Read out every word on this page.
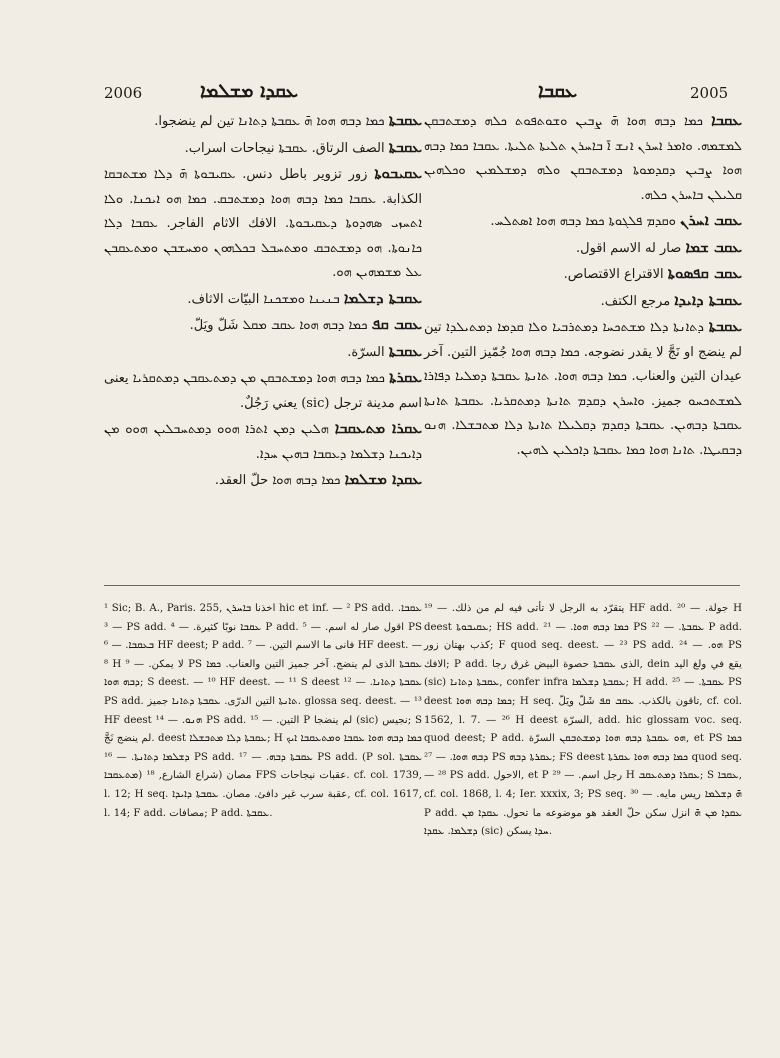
2006	ܥܩܕܐ ܡܫܠܡܐ	ܥܩܒܐ	2005

ܥܩܒܬܐ ܟܡܐ ܕܒܗ ܗܘܐ ܗ̄ ܥܩܒܬܐ ܕܬܐܢܐ تين لم ينضجوا.

ܥܩܒܬܐ الصف الرتاق. ܥܩܒܬܐ نيجاحات اسراب.

ܥܩܝܒܘܬܐ زور تزوير باطل دنس. ܥܩܝܒܘܬܐ ܗ̄ ܕܠܐ ܡܫܬܒܩܐ الكذابة. ܥܩܒܐ ܟܡܐ ܕܒܗ ܗܘܐ ܕܡܫܬܒܩ. ܟܡܐ ܗܘ ܐܝܟܢܐ. ܘܠܐ ܐܬܚܙܝ ܣܗܕܘܬܐ ܕܥܩܝܒܘܬܐ. الافك الاثام الفاجر. ܥܩܒܐ ܕܠܐ ܟܐܢܘܬܐ. ܗܘ ܕܡܫܬܒܩ ܘܡܬܚܒܠ ܒܟܠܗܘܢ ܘܡܚܫܒܢ ܘܡܬܥܩܒܢ ܥܠ ܡܫܡܗܝܢ ܗܘ.

ܥܩܒܬܐ ܕܫܠܡܐ ܒܢܝܢܐ ܘܡܫܟܢܐ البيّات الاثاف.

ܥܩܒ ܩܦ ܟܡܐ ܕܒܗ ܗܘܐ ܥܩܒ ܡܩܠ شَلّ ويَلّ.

ܥܩܒܬܐ السرّة.

ܥܩܪܬܐ ܟܡܐ ܕܒܗ ܗܘܐ ܕܡܫܬܒܩܢ ܡܢ ܕܡܬܥܩܒܢ ܕܡܬܩܪܝܐ يعنى اسم مدينة ترجل (sic) يعني رَجُلٌ.

ܥܩܪܐ ܡܬܥܩܒܐ ܗܠܝܢ ܕܡܢ ܐܬܪܐ ܗܘܘ ܕܡܬܚܒܠܝܢ ܗܘܘ ܡܢ ܕܐܝܟܢܐ ܕܫܠܡܐ ܕܥܩܒܐ ܒܗܝܢ ܚܕܐ.

ܥܩܕܐ ܡܫܠܡܐ ܟܡܐ ܕܒܗ ܗܘܐ حلّ العقد.

ܥܩܒܐ ܟܡܐ ܕܒܗ ܗܘܐ ܗ̄ ܨܒܝܢ ܘܫܘܬܦܘܬ ܟܠܗ ܕܡܫܬܒܩܢ ܠܡܫܡܗ. ܘܐܡܪ ܐܚܪܢ ܐܢܫ ܐ̄ ܒܐܚܪܢ ܬܠܝܬܐ ܬܠܝܬܐ. ܥܩܒܐ ܟܡܐ ܕܒܗ ܗܘܐ ܨܒܝܢ ܕܩܕܡܘܬܐ ܕܡܫܬܒܩܢ ܘܠܗ ܕܡܫܠܡܝܢ ܘܟܠܗܝܢ ܩܠܝܠܢ ܒܐܚܪܢ ܟܠܗ.

ܥܩܒ ܐܚܪܢ ܘܩܕܡ ܦܠܓܘܬܐ ܟܡܐ ܕܒܗ ܗܘܐ ܐܣܬܠܚ.

ܥܩܒ ܫܡܐ صار له الاسم اقول.

ܥܩܒ ܩܦܣܘܬܐ الاقتراع الاقتصاص.

ܥܩܒܬܐ ܕܐܝܕܐ مرجع الكتف.

ܥܩܒܬܐ ܕܬܐܢܬܐ ܕܠܐ ܡܫܬܟܚܐ ܕܡܬܪܒܝܐ ܘܠܐ ܩܕܡܐ ܕܡܬܝܠܕܐ تين لم ينضج او نَجَّ لا يقدر نضوجه. ܟܡܐ ܕܒܗ ܗܘܐ جُمّيز التين. آخر عيدان التين والعناب. ܟܡܐ ܕܒܗ ܗܘܐ. ܬܐܢܬܐ ܥܩܒܬܐ ܕܡܠܝܐ ܕܦܐܪܐ ܠܡܫܬܟܚܘ جميز. ܘܐܚܪܢ ܕܩܕܡ ܬܐܢܬܐ ܕܡܬܩܪܝܐ. ܥܩܒܬܐ ܬܐܢܬܐ ܥܩܒܬܐ ܕܒܗܝܢ. ܥܩܒܬܐ ܕܩܕܡ ܕܩܠܝܠܐ ܬܐܢܬܐ ܕܠܐ ܡܬܒܫܠܐ. ܗܢܘ ܕܒܩܝܛܐ. ܬܐܢܐ ܗܘܐ ܟܡܐ ܥܩܒܬܐ ܕܐܟܠܝܢ ܠܗܝܢ.

¹ Sic; B. A., Paris. 255, اخذنا ܒܐܚܪܢ hic et inf. — ² PS add. ܥܩܒܐ. — ³ PS add. ܥܩܒܐ نوبًا كثيرة. — ⁴ P add. اقول صار له اسم. — ⁵ PS ܒܥܩܒܐ. — ⁶ HF deest; P add. فانى ما الاسم التين. — ⁷ HF deest. — ⁸ H لا يمكن. — ⁹ PS ܥܩܒܬܐ الذى لم ينضج. آخر جميز التين والعناب. ܟܡܐ ܕܒܗ ܗܘܐ; S deest. — ¹⁰ HF deest. — ¹¹ S deest ܥܩܒܬܐ ܕܬܐܢܐ. — ¹² PS add. ܬܐܢܬܐ التين الدرّى. ܥܩܒܬܐ ܕܬܐܢܐ جميز. glossa seq. deest. — ¹³ HF deest ܗܢܘ. — ¹⁴ PS add. التين. — ¹⁵ P لم ينضجا (sic) نجيس; S لم ينضج نَجَّ. deest ܥܩܒܬܐ ܕܠܐ ܡܬܒܫܠܐ; H ܟܡܐ ܕܒܗ ܗܘܐ ܥܩܒܐ ܘܡܬܥܩܒܐ ܐܝܟ ܕܫܠܡܐ ܕܬܐܢܬܐ. — ¹⁶ PS add. ܥܩܒܬܐ ܕܒܗ. — ¹⁷ PS add. (P sol. ܥܩܒܬܐ ܡܬܥܩܒܐ) مصان (شراع الشارع, ¹⁸ FPS عقبات نيجاحات. cf. col. 1739, l. 12; H seq. عقبة سرب غير دافئ. مصان. ܥܩܒܬܐ ܕܐܝܕܐ, cf. col. 1617, l. 14; F add. مصافات; P add. ܥܩܒܬܐ.

يتقرّد به الرجل لا تأتى فيه لم من ذلك. — ¹⁹ HF add. جولة. — ²⁰ H deest ܥܩܝܒܘܬܐ; HS add. ܟܡܐ ܕܒܗ ܗܘܐ. — ²¹ PS ܥܩܒܬܐ. — ²² P add. كذب بهتان زور; F quod seq. deest. — ²³ PS add. ܗܘ. — ²⁴ PS الافك; P add. الذى ܥܩܒܬܐ حصوة البيض غرق رجا, dein يقع في ولغ اليد (sic) ܥܩܒܬܐ ܕܬܐܢܐ, confer infra ܥܩܒܬܐ ܕܫܠܡܐ; H add. ܥܩܒܬܐ. — ²⁵ PS deest ܟܡܐ ܕܒܗ ܗܘܐ; H seq. تاقون بالكذب. ܥܩܒ ܩܦ شَلّ ويَلّ, cf. col. 1562, l. 7. — ²⁶ H deest السرّة, add. hic glossam voc. seq. quod deest; P add. ܗܘ ܥܩܒܬܐ ܕܒܗ ܗܘܐ ܕܡܫܬܒܩܢ السرّة, et PS ܟܡܐ ܕܒܗ ܗܘܐ. — ²⁷ PS ܥܩܪܬܐ ܕܒܗ; FS deest ܟܡܐ ܕܒܗ ܗܘܐ ܥܩܪܬܐ quod seq. — ²⁸ PS add. الاحول, et P رجل اسم. — ²⁹ H ܥܩܪܐ ܕܡܬܥܩܒ; S ܥܩܒܐ, cf. col. 1868, l. 4; Ier. xxxix, 3; PS seq. ܗ̄ ܕܫܠܡܐ ريس مايه. — ³⁰ P add. ܥܩܕܐ ܡܢ ܗ̄ انزل سكن حلّ العقد هو موضوعه ما تحول. ܥܩܕܐ ܡܢ ܕܫܠܡܐ. ܥܩܕܐ (sic) ܚܕܐ يسكن.
